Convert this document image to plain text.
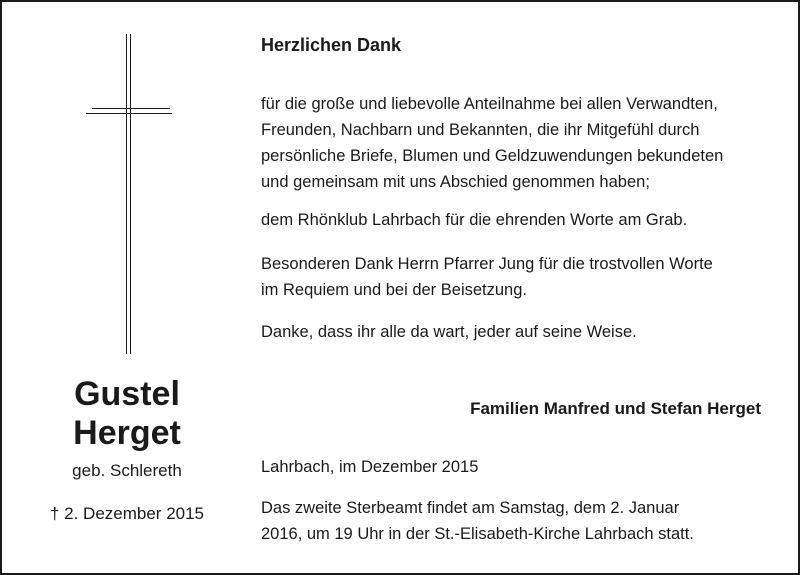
Gustel
Herget
geb. Schlereth
† 2. Dezember 2015
Herzlichen Dank
für die große und liebevolle Anteilnahme bei allen Verwandten,
Freunden, Nachbarn und Bekannten, die ihr Mitgefühl durch
persönliche Briefe, Blumen und Geldzuwendungen bekundeten
und gemeinsam mit uns Abschied genommen haben;
dem Rhönklub Lahrbach für die ehrenden Worte am Grab.
Besonderen Dank Herrn Pfarrer Jung für die trostvollen Worte
im Requiem und bei der Beisetzung.
Danke, dass ihr alle da wart, jeder auf seine Weise.
Familien Manfred und Stefan Herget
Lahrbach, im Dezember 2015
Das zweite Sterbeamt findet am Samstag, dem 2. Januar
2016, um 19 Uhr in der St.-Elisabeth-Kirche Lahrbach statt.
